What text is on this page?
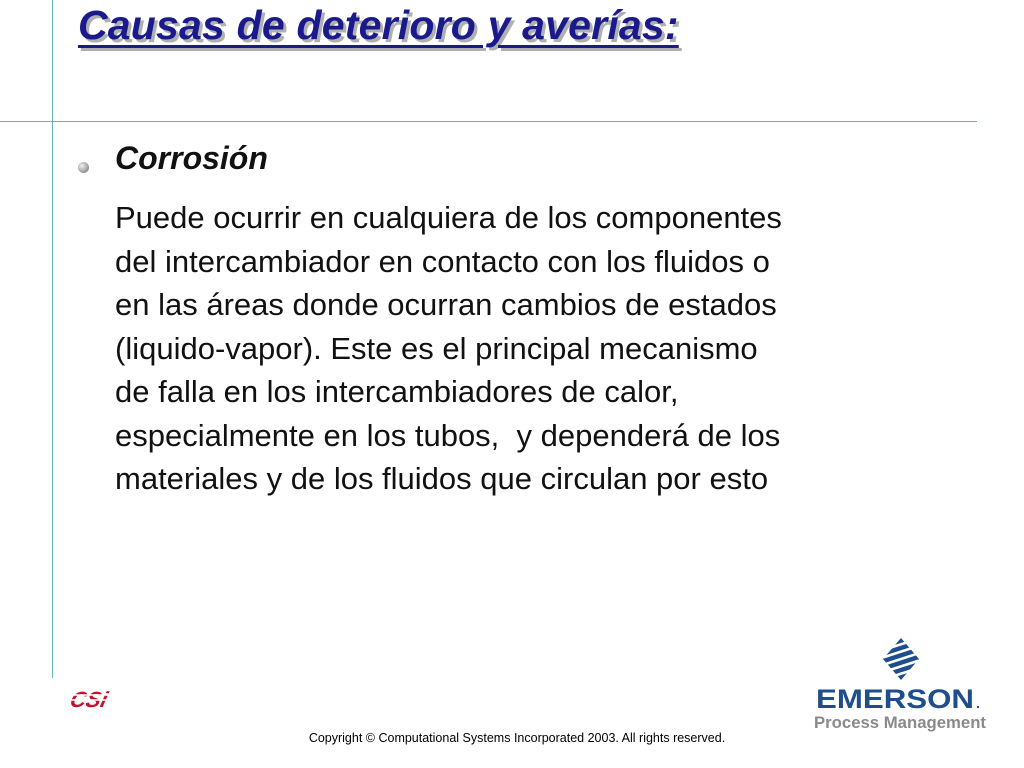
Causas de deterioro y averías:
Corrosión

Puede ocurrir en cualquiera de los componentes
del intercambiador en contacto con los fluidos o
en las áreas donde ocurran cambios de estados
(liquido-vapor). Este es el principal mecanismo
de falla en los intercambiadores de calor,
especialmente en los tubos,  y dependerá de los
materiales y de los fluidos que circulan por esto

CSi	EMERSON .
Process Management

Copyright © Computational Systems Incorporated 2003. All rights reserved.
